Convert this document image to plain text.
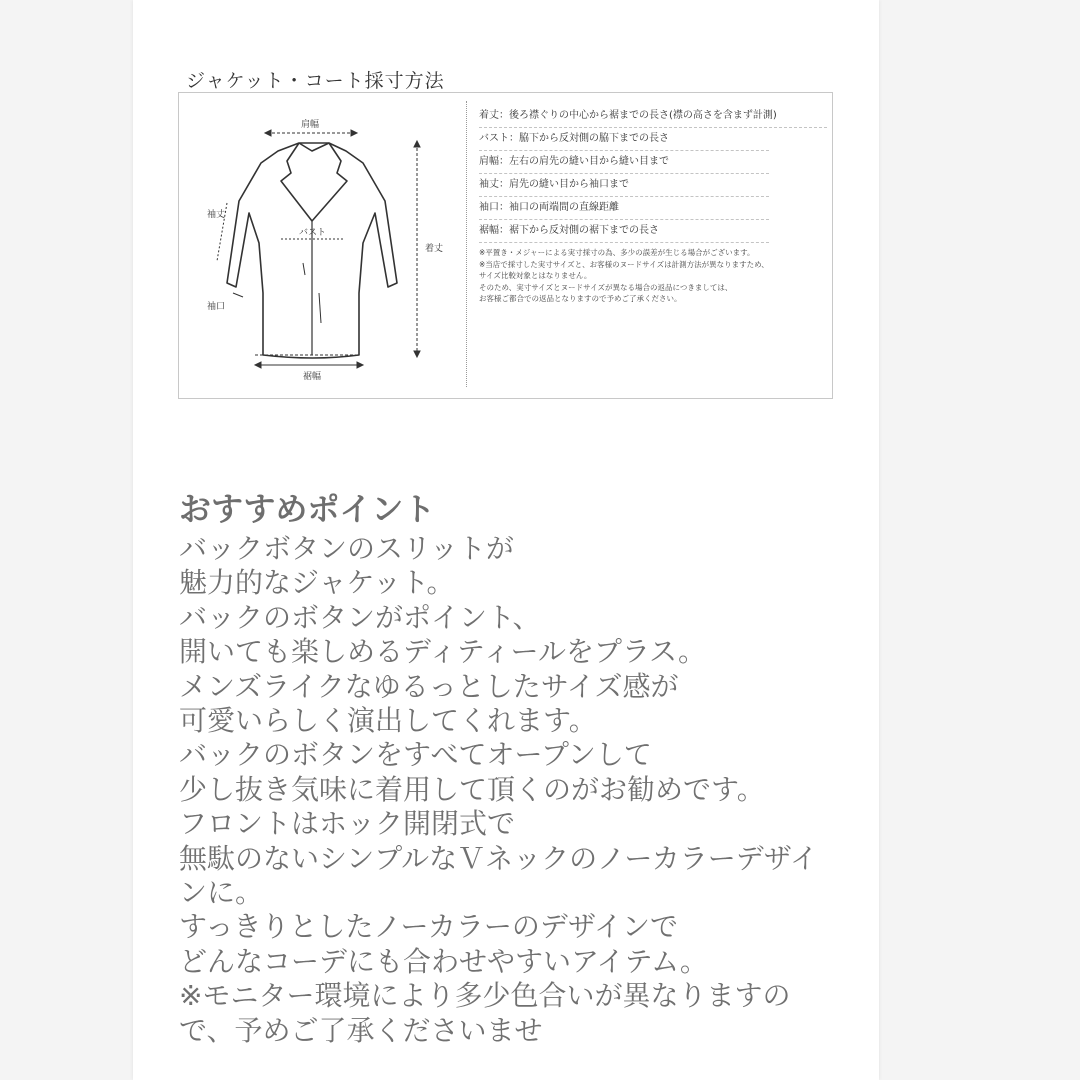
ジャケット・コート採寸方法
肩幅
袖丈
バスト
着丈
袖口
裾幅
着丈：後ろ襟ぐりの中心から裾までの長さ(襟の高さを含まず計測)
バスト：脇下から反対側の脇下までの長さ
肩幅：左右の肩先の縫い目から縫い目まで
袖丈：肩先の縫い目から袖口まで
袖口：袖口の両端間の直線距離
裾幅：裾下から反対側の裾下までの長さ
※平置き・メジャーによる実寸採寸の為、多少の誤差が生じる場合がございます。
※当店で採寸した実寸サイズと、お客様のヌードサイズは計測方法が異なりますため、
サイズ比較対象とはなりません。
そのため、実寸サイズとヌードサイズが異なる場合の返品につきましては、
お客様ご都合での返品となりますので予めご了承ください。
おすすめポイント
バックボタンのスリットが
魅力的なジャケット。
バックのボタンがポイント、
開いても楽しめるディティールをプラス。
メンズライクなゆるっとしたサイズ感が
可愛いらしく演出してくれます。
バックのボタンをすべてオープンして
少し抜き気味に着用して頂くのがお勧めです。
フロントはホック開閉式で
無駄のないシンプルなＶネックのノーカラーデザイ
ンに。
すっきりとしたノーカラーのデザインで
どんなコーデにも合わせやすいアイテム。
※モニター環境により多少色合いが異なりますの
で、予めご了承くださいませ
